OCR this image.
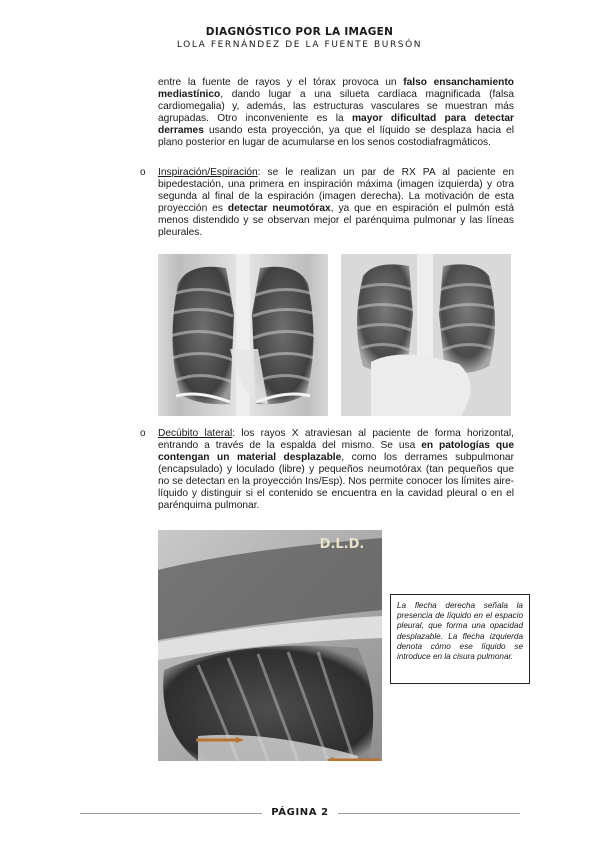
DIAGNÓSTICO POR LA IMAGEN
LOLA FERNÁNDEZ DE LA FUENTE BURSÓN
entre la fuente de rayos y el tórax provoca un falso ensanchamiento mediastínico, dando lugar a una silueta cardíaca magnificada (falsa cardiomegalia) y, además, las estructuras vasculares se muestran más agrupadas. Otro inconveniente es la mayor dificultad para detectar derrames usando esta proyección, ya que el líquido se desplaza hacia el plano posterior en lugar de acumularse en los senos costodiafragmáticos.
o Inspiración/Espiración: se le realizan un par de RX PA al paciente en bipedestación, una primera en inspiración máxima (imagen izquierda) y otra segunda al final de la espiración (imagen derecha). La motivación de esta proyección es detectar neumotórax, ya que en espiración el pulmón está menos distendido y se observan mejor el parénquima pulmonar y las líneas pleurales.
o Decúbito lateral: los rayos X atraviesan al paciente de forma horizontal, entrando a través de la espalda del mismo. Se usa en patologías que contengan un material desplazable, como los derrames subpulmonar (encapsulado) y loculado (libre) y pequeños neumotórax (tan pequeños que no se detectan en la proyección Ins/Esp). Nos permite conocer los límites aire-líquido y distinguir si el contenido se encuentra en la cavidad pleural o en el parénquima pulmonar.
D.L.D.
La flecha derecha señala la presencia de líquido en el espacio pleural, que forma una opacidad desplazable. La flecha izquierda denota cómo ese líquido se introduce en la cisura pulmonar.
PÁGINA 2
